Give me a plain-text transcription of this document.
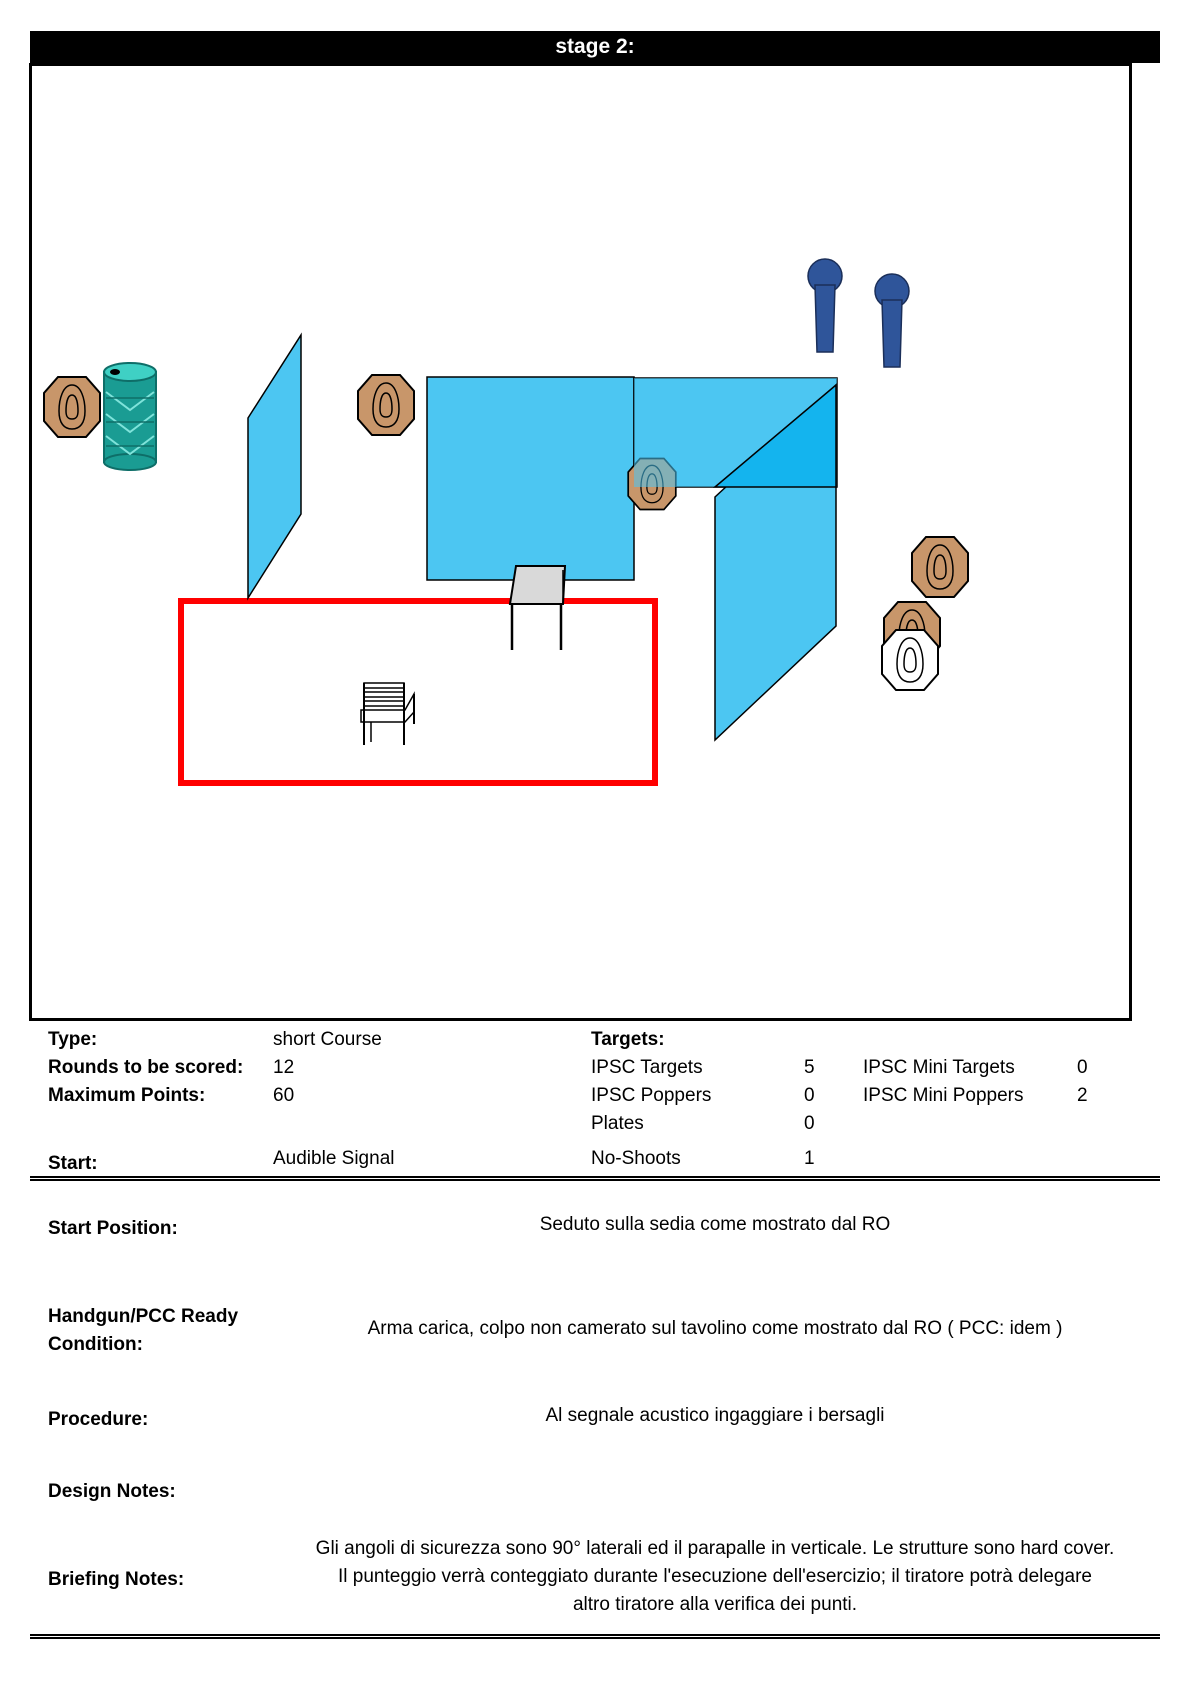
stage 2:
Type:	short Course
Rounds to be scored: 12
Maximum Points:	60
Start:	Audible Signal
Targets:
IPSC Targets	5
IPSC Poppers	0
Plates	0
No-Shoots	1
IPSC Mini Targets	0
IPSC Mini Poppers	2
Start Position:	Seduto sulla sedia come mostrato dal RO
Handgun/PCC Ready
Condition:
Arma carica, colpo non camerato sul tavolino come mostrato dal RO ( PCC: idem )
Procedure:	Al segnale acustico ingaggiare i bersagli
Design Notes:
Briefing Notes:
Gli angoli di sicurezza sono 90° laterali ed il parapalle in verticale. Le strutture sono hard cover.
Il punteggio verrà conteggiato durante l'esecuzione dell'esercizio; il tiratore potrà delegare
altro tiratore alla verifica dei punti.
